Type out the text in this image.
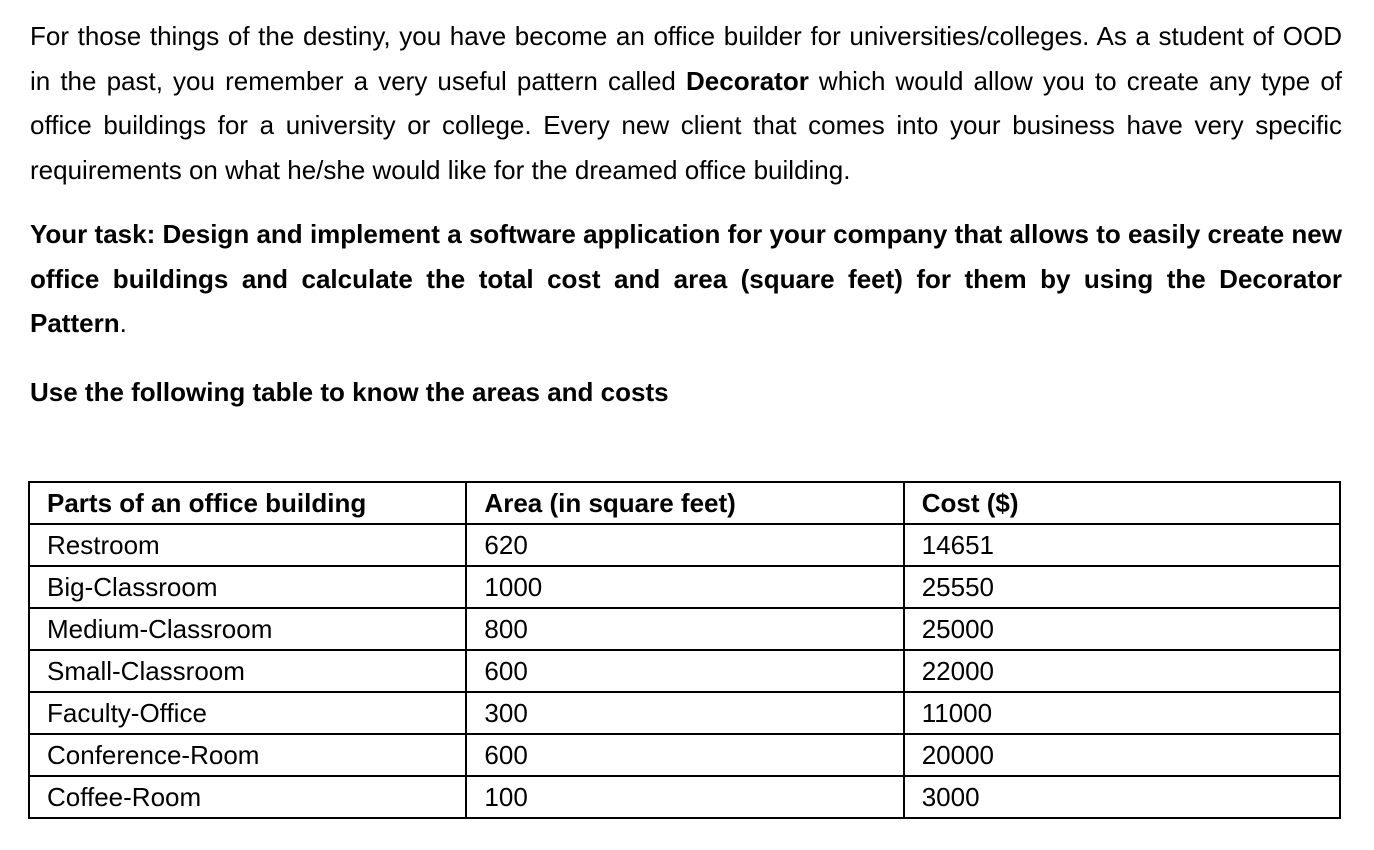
For those things of the destiny, you have become an office builder for universities/colleges. As a student of OOD in the past, you remember a very useful pattern called Decorator which would allow you to create any type of office buildings for a university or college. Every new client that comes into your business have very specific requirements on what he/she would like for the dreamed office building.

Your task: Design and implement a software application for your company that allows to easily create new office buildings and calculate the total cost and area (square feet) for them by using the Decorator Pattern.

Use the following table to know the areas and costs
Parts of an office building	Area (in square feet)	Cost ($)
Restroom	620	14651
Big-Classroom	1000	25550
Medium-Classroom	800	25000
Small-Classroom	600	22000
Faculty-Office	300	11000
Conference-Room	600	20000
Coffee-Room	100	3000
